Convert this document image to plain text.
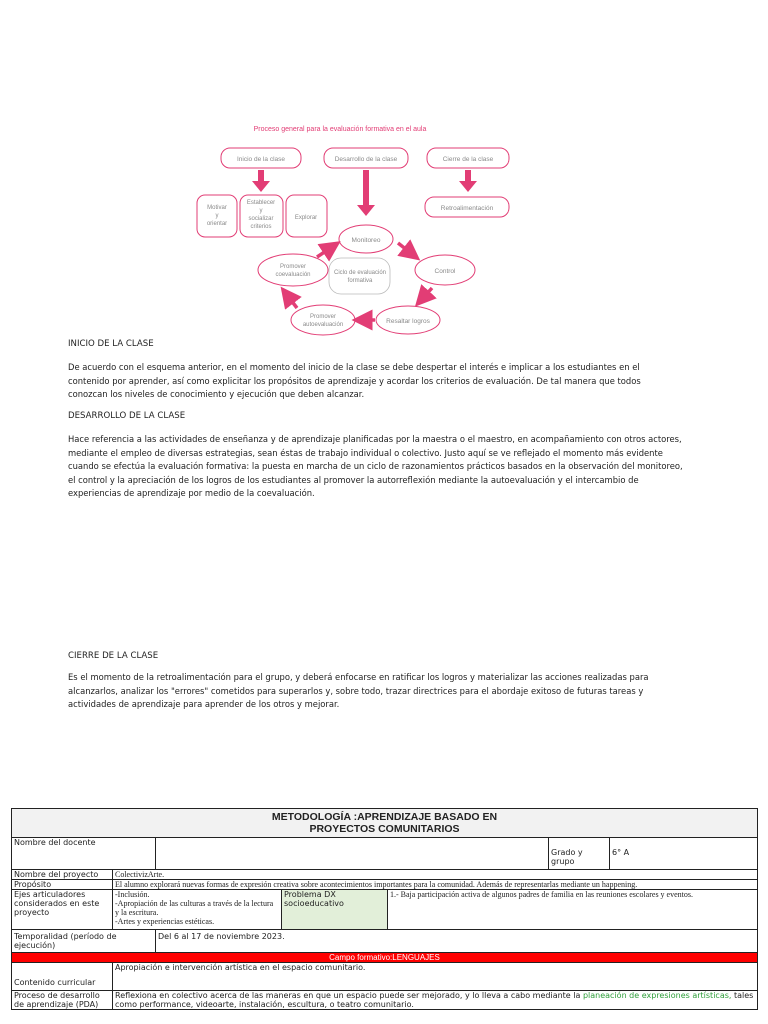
Proceso general para la evaluación formativa en el aula
Inicio de la clase	Desarrollo de la clase	Cierre de la clase
Motivar y orientar
Establecer y socializar criterios
Explorar
Retroalimentación
Monitoreo
Promover coevaluación	Ciclo de evaluación formativa
Control
Promover autoevaluación	Resaltar logros
INICIO DE LA CLASE

De acuerdo con el esquema anterior, en el momento del inicio de la clase se debe despertar el interés e implicar a los estudiantes en el

contenido por aprender, así como explicitar los propósitos de aprendizaje y acordar los criterios de evaluación. De tal manera que todos

conozcan los niveles de conocimiento y ejecución que deben alcanzar.

DESARROLLO DE LA CLASE

Hace referencia a las actividades de enseñanza y de aprendizaje planificadas por la maestra o el maestro, en acompañamiento con otros actores,

mediante el empleo de diversas estrategias, sean éstas de trabajo individual o colectivo. Justo aquí se ve reflejado el momento más evidente

cuando se efectúa la evaluación formativa: la puesta en marcha de un ciclo de razonamientos prácticos basados en la observación del monitoreo,

el control y la apreciación de los logros de los estudiantes al promover la autorreflexión mediante la autoevaluación y el intercambio de

experiencias de aprendizaje por medio de la coevaluación.

CIERRE DE LA CLASE

Es el momento de la retroalimentación para el grupo, y deberá enfocarse en ratificar los logros y materializar las acciones realizadas para

alcanzarlos, analizar los "errores" cometidos para superarlos y, sobre todo, trazar directrices para el abordaje exitoso de futuras tareas y

actividades de aprendizaje para aprender de los otros y mejorar.

METODOLOGÍA :APRENDIZAJE BASADO EN
PROYECTOS COMUNITARIOS						

Nombre del docente					Grado y grupo	6° A
Nombre del proyecto	ColectivizArte.					
Propósito	El alumno explorará nuevas formas de expresión creativa sobre acontecimientos importantes para la comunidad. Además de representarlas mediante un happening.					
Ejes articuladores considerados en este proyecto	-Inclusión.
-Apropiación de las culturas a través de la lectura y la escritura.
-Artes y experiencias estéticas.		Problema DX socioeducativo	1.- Baja participación activa de algunos padres de familia en las reuniones escolares y eventos.		
Temporalidad (período de ejecución)		Del 6 al 17 de noviembre 2023.				
Campo formativo:LENGUAJES						
Contenido curricular	Apropiación e intervención artística en el espacio comunitario.					
Proceso de desarrollo de aprendizaje (PDA)	Reflexiona en colectivo acerca de las maneras en que un espacio puede ser mejorado, y lo lleva a cabo mediante la planeación de expresiones artísticas, tales como performance, videoarte, instalación, escultura, o teatro comunitario.					
